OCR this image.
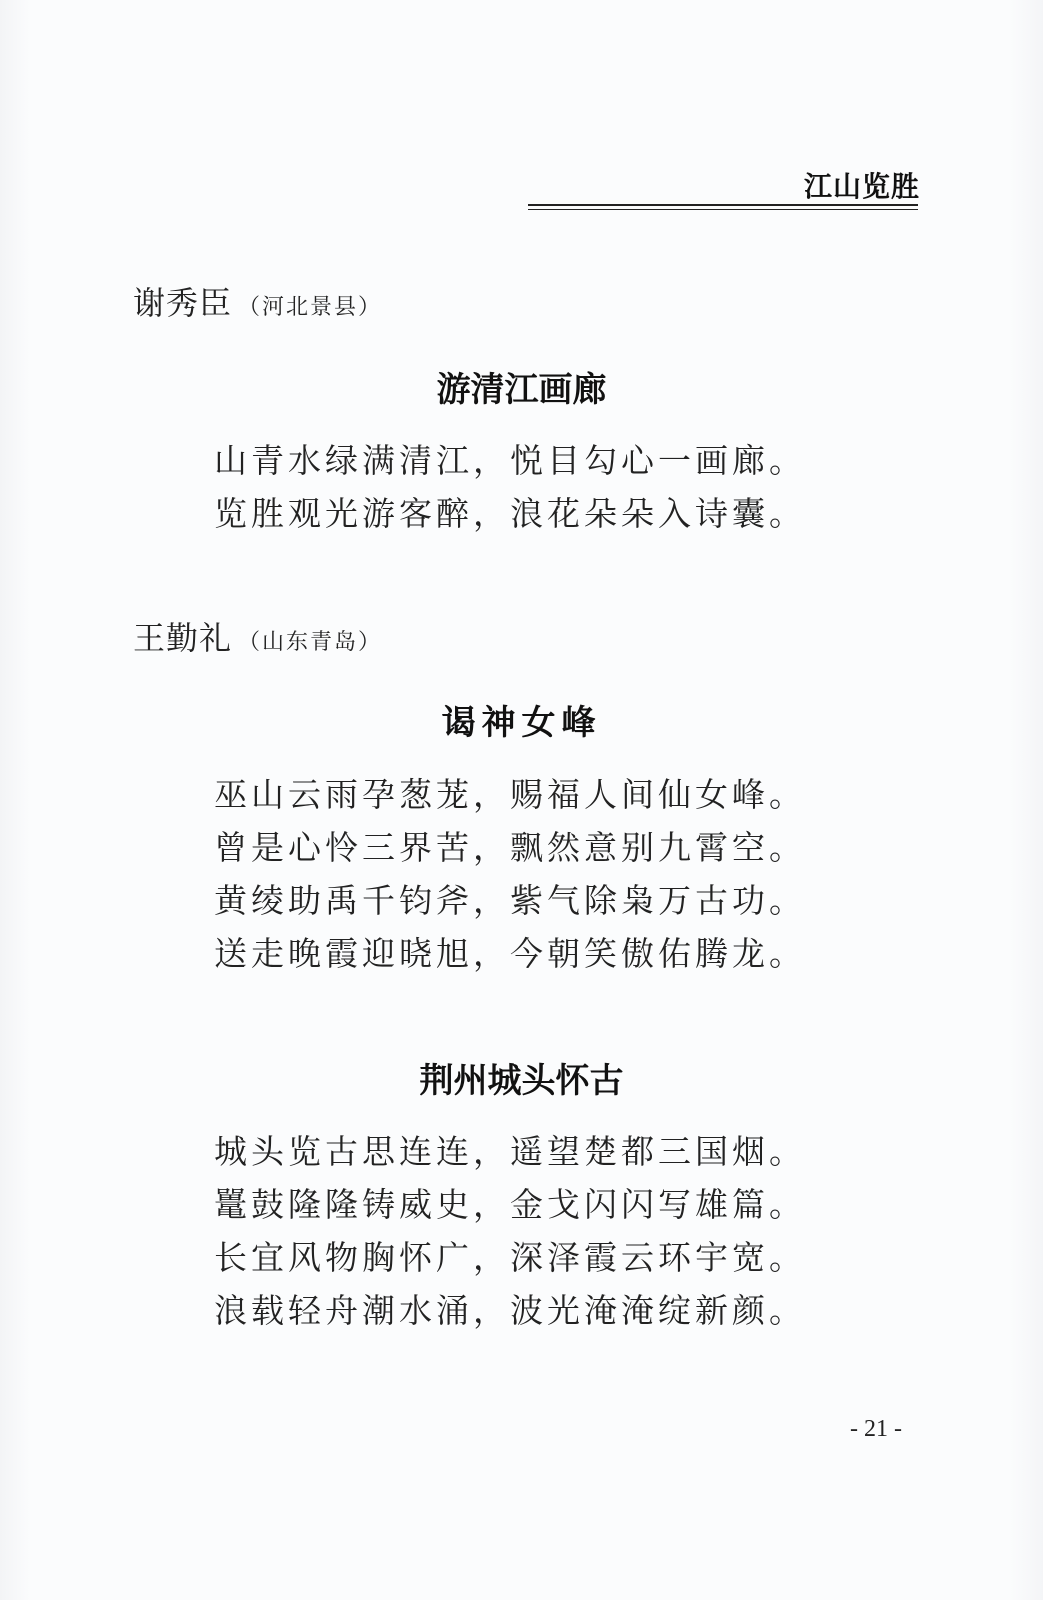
江山览胜
谢秀臣 （河北景县）
游清江画廊
山青水绿满清江，悦目勾心一画廊。
览胜观光游客醉，浪花朵朵入诗囊。
王勤礼 （山东青岛）
谒神女峰
巫山云雨孕葱茏，赐福人间仙女峰。
曾是心怜三界苦，飘然意别九霄空。
黄绫助禹千钧斧，紫气除枭万古功。
送走晚霞迎晓旭，今朝笑傲佑腾龙。
荆州城头怀古
城头览古思连连，遥望楚都三国烟。
鼍鼓隆隆铸威史，金戈闪闪写雄篇。
长宜风物胸怀广，深泽霞云环宇宽。
浪载轻舟潮水涌，波光淹淹绽新颜。
- 21 -
